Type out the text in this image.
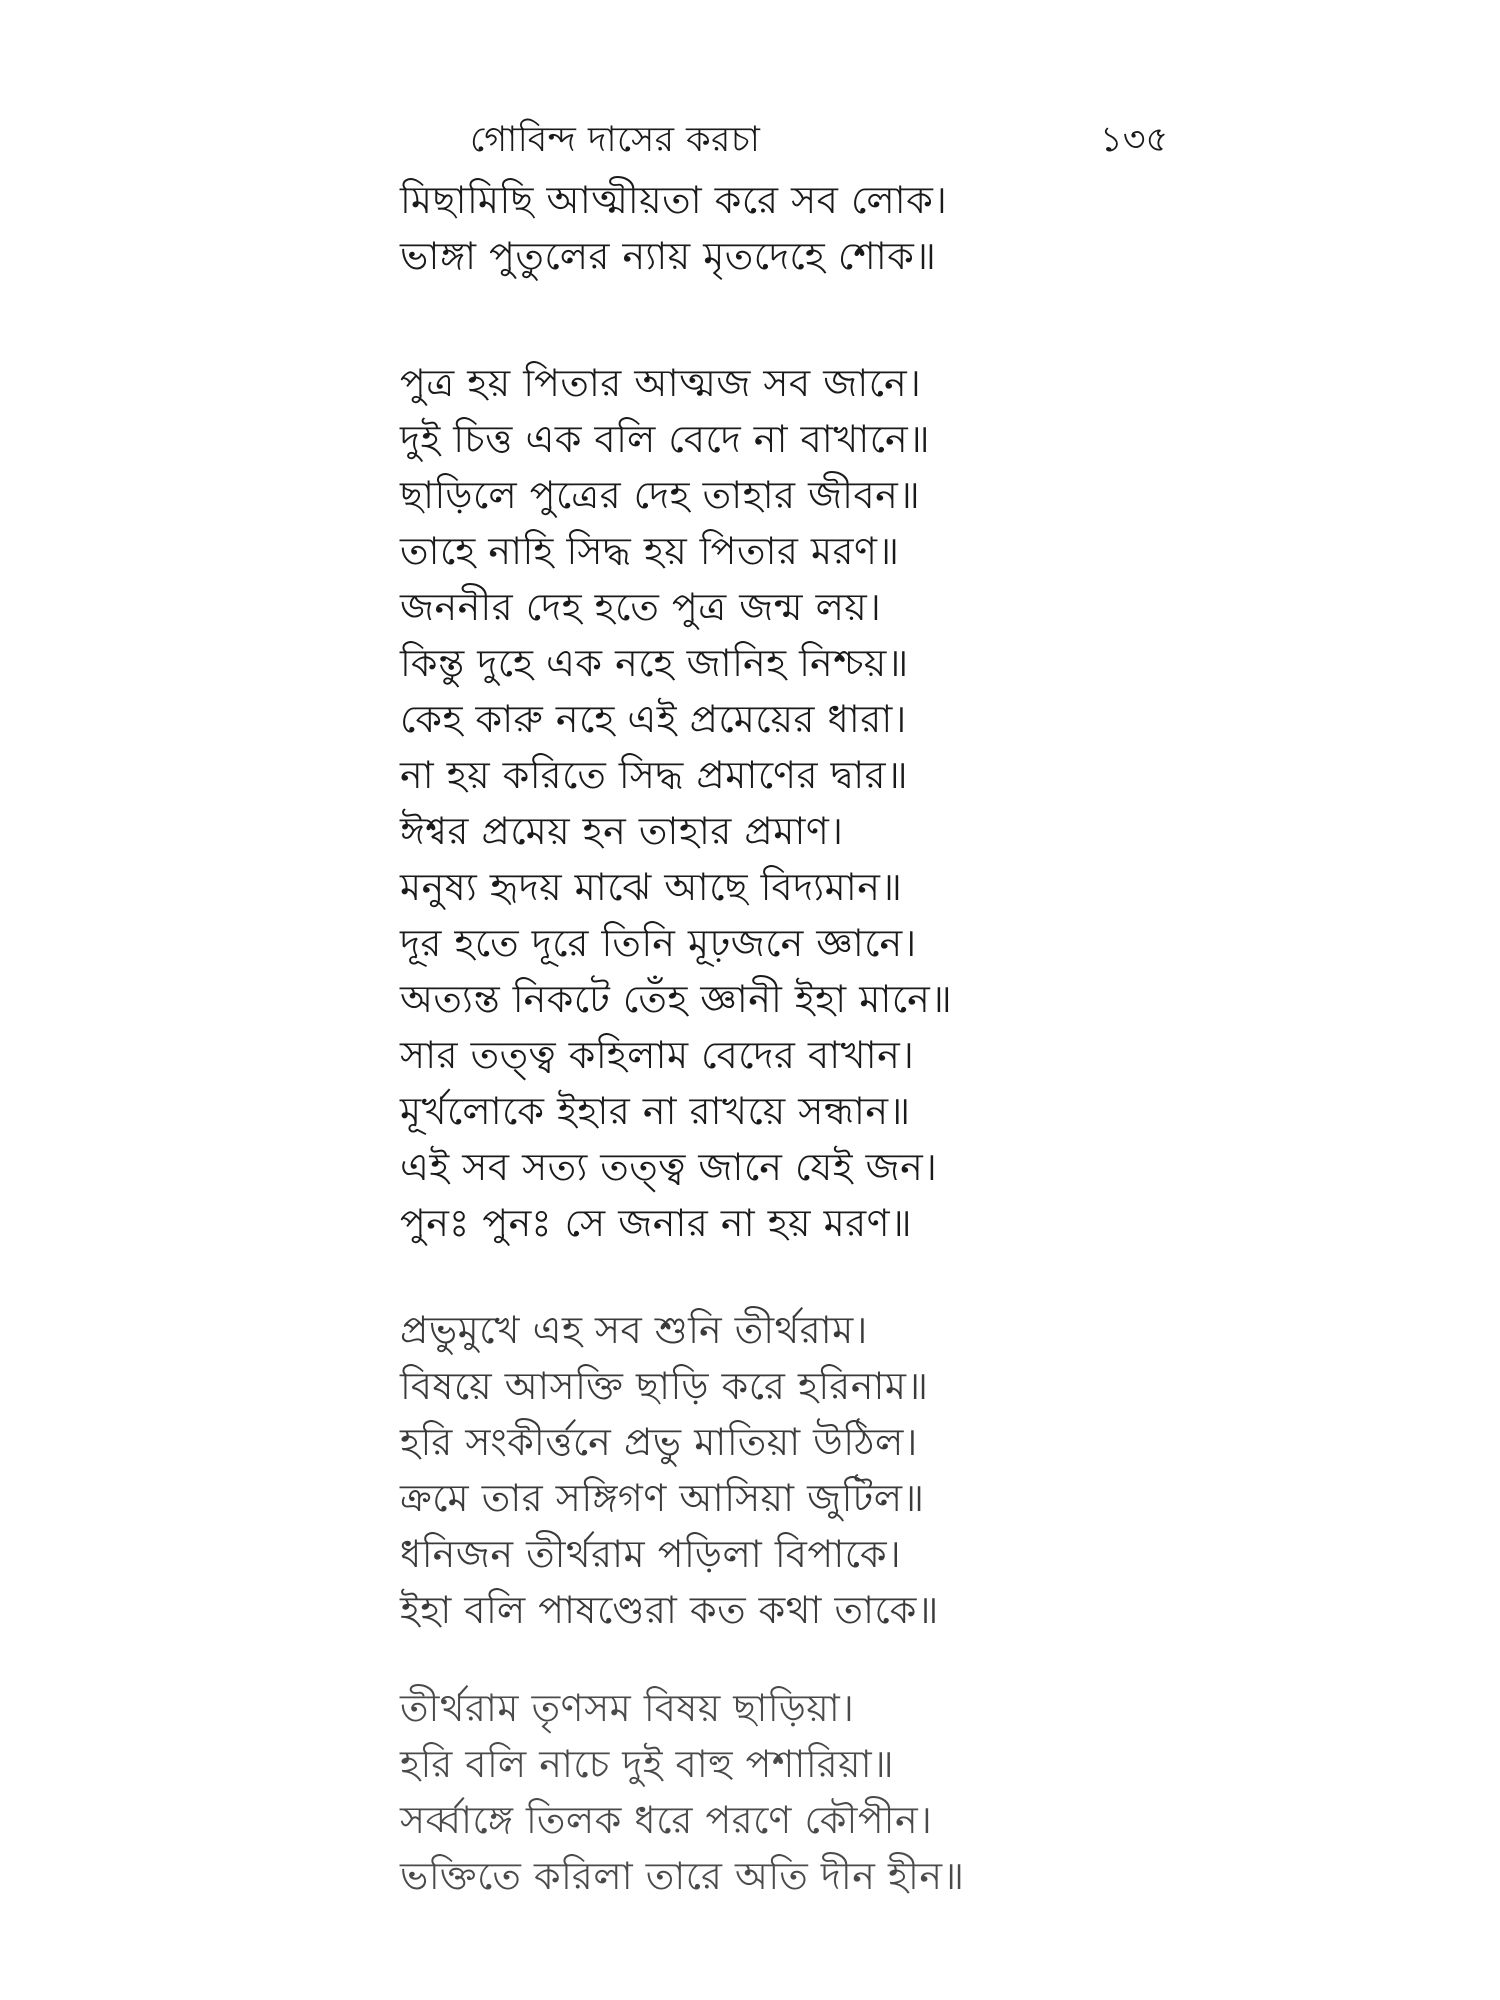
গোবিন্দ দাসের করচা	১৩৫
মিছামিছি আত্মীয়তা করে সব লোক।
ভাঙ্গা পুতুলের ন্যায় মৃতদেহে শোক॥
পুত্র হয় পিতার আত্মজ সব জানে।
দুই চিত্ত এক বলি বেদে না বাখানে॥
ছাড়িলে পুত্রের দেহ তাহার জীবন॥
তাহে নাহি সিদ্ধ হয় পিতার মরণ॥
জননীর দেহ হতে পুত্র জন্ম লয়।
কিন্তু দুহে এক নহে জানিহ নিশ্চয়॥
কেহ কারু নহে এই প্রমেয়ের ধারা।
না হয় করিতে সিদ্ধ প্রমাণের দ্বার॥
ঈশ্বর প্রমেয় হন তাহার প্রমাণ।
মনুষ্য হৃদয় মাঝে আছে বিদ্যমান॥
দূর হতে দূরে তিনি মূঢ়জনে জ্ঞানে।
অত্যন্ত নিকটে তেঁহ জ্ঞানী ইহা মানে॥
সার তত্ত্ব কহিলাম বেদের বাখান।
মূর্খলোকে ইহার না রাখয়ে সন্ধান॥
এই সব সত্য তত্ত্ব জানে যেই জন।
পুনঃ পুনঃ সে জনার না হয় মরণ॥
প্রভুমুখে এহ সব শুনি তীর্থরাম।
বিষয়ে আসক্তি ছাড়ি করে হরিনাম॥
হরি সংকীর্ত্তনে প্রভু মাতিয়া উঠিল।
ক্রমে তার সঙ্গিগণ আসিয়া জুটিল॥
ধনিজন তীর্থরাম পড়িলা বিপাকে।
ইহা বলি পাষণ্ডেরা কত কথা তাকে॥
তীর্থরাম তৃণসম বিষয় ছাড়িয়া।
হরি বলি নাচে দুই বাহু পশারিয়া॥
সর্ব্বাঙ্গে তিলক ধরে পরণে কৌপীন।
ভক্তিতে করিলা তারে অতি দীন হীন॥
